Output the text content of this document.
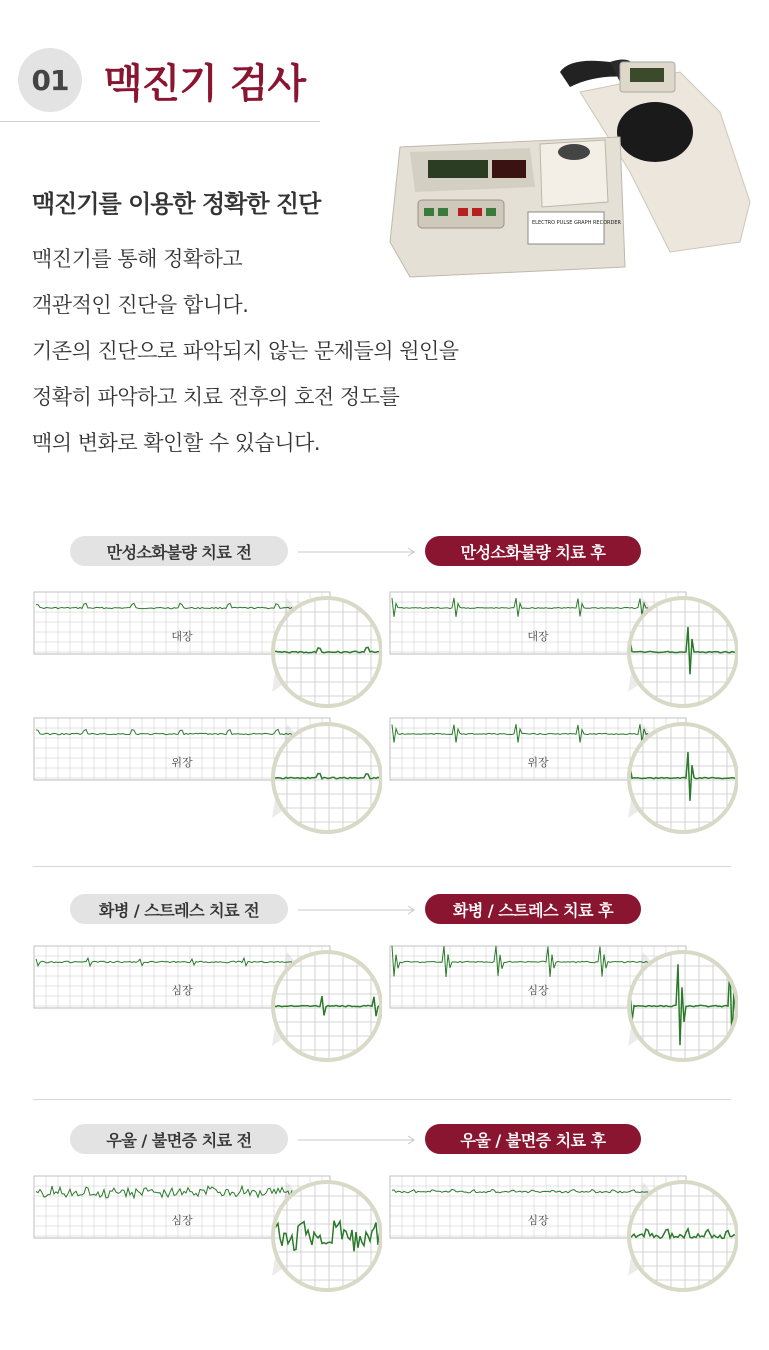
01 맥진기 검사
ELECTRO PULSE GRAPH RECORDER
맥진기를 이용한 정확한 진단
맥진기를 통해 정확하고
객관적인 진단을 합니다.
기존의 진단으로 파악되지 않는 문제들의 원인을
정확히 파악하고 치료 전후의 호전 정도를
맥의 변화로 확인할 수 있습니다.
만성소화불량 치료 전	만성소화불량 치료 후
대장	대장
위장	위장
화병 / 스트레스 치료 전	화병 / 스트레스 치료 후
심장	심장
우울 / 불면증 치료 전	우울 / 불면증 치료 후
심장	심장
